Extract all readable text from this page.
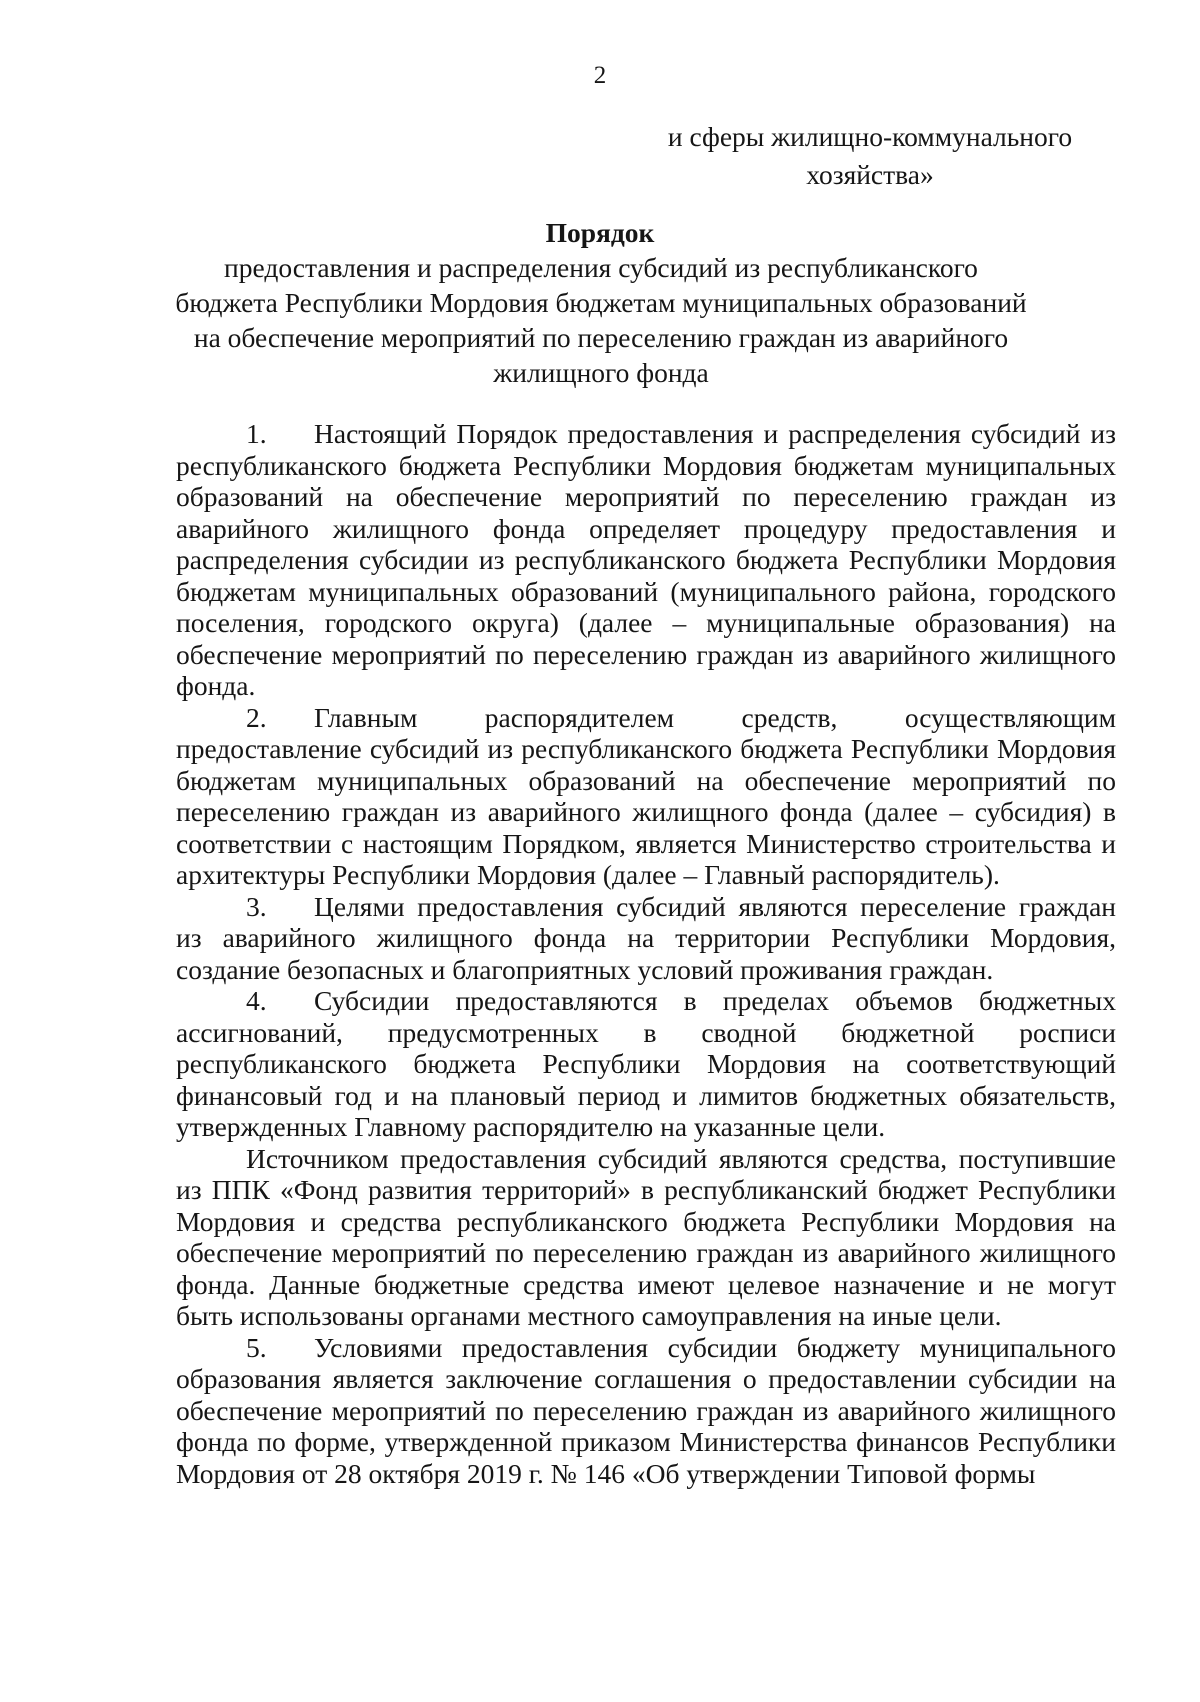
2
и сферы жилищно-коммунального
хозяйства»
Порядок
предоставления и распределения субсидий из республиканского бюджета Республики Мордовия бюджетам муниципальных образований на обеспечение мероприятий по переселению граждан из аварийного жилищного фонда

1. Настоящий Порядок предоставления и распределения субсидий из республиканского бюджета Республики Мордовия бюджетам муниципальных образований на обеспечение мероприятий по переселению граждан из аварийного жилищного фонда определяет процедуру предоставления и распределения субсидии из республиканского бюджета Республики Мордовия бюджетам муниципальных образований (муниципального района, городского поселения, городского округа) (далее – муниципальные образования) на обеспечение мероприятий по переселению граждан из аварийного жилищного фонда.

2. Главным распорядителем средств, осуществляющим предоставление субсидий из республиканского бюджета Республики Мордовия бюджетам муниципальных образований на обеспечение мероприятий по переселению граждан из аварийного жилищного фонда (далее – субсидия) в соответствии с настоящим Порядком, является Министерство строительства и архитектуры Республики Мордовия (далее – Главный распорядитель).

3. Целями предоставления субсидий являются переселение граждан из аварийного жилищного фонда на территории Республики Мордовия, создание безопасных и благоприятных условий проживания граждан.

4. Субсидии предоставляются в пределах объемов бюджетных ассигнований, предусмотренных в сводной бюджетной росписи республиканского бюджета Республики Мордовия на соответствующий финансовый год и на плановый период и лимитов бюджетных обязательств, утвержденных Главному распорядителю на указанные цели.

Источником предоставления субсидий являются средства, поступившие из ППК «Фонд развития территорий» в республиканский бюджет Республики Мордовия и средства республиканского бюджета Республики Мордовия на обеспечение мероприятий по переселению граждан из аварийного жилищного фонда. Данные бюджетные средства имеют целевое назначение и не могут быть использованы органами местного самоуправления на иные цели.

5. Условиями предоставления субсидии бюджету муниципального образования является заключение соглашения о предоставлении субсидии на обеспечение мероприятий по переселению граждан из аварийного жилищного фонда по форме, утвержденной приказом Министерства финансов Республики Мордовия от 28 октября 2019 г. № 146 «Об утверждении Типовой формы
